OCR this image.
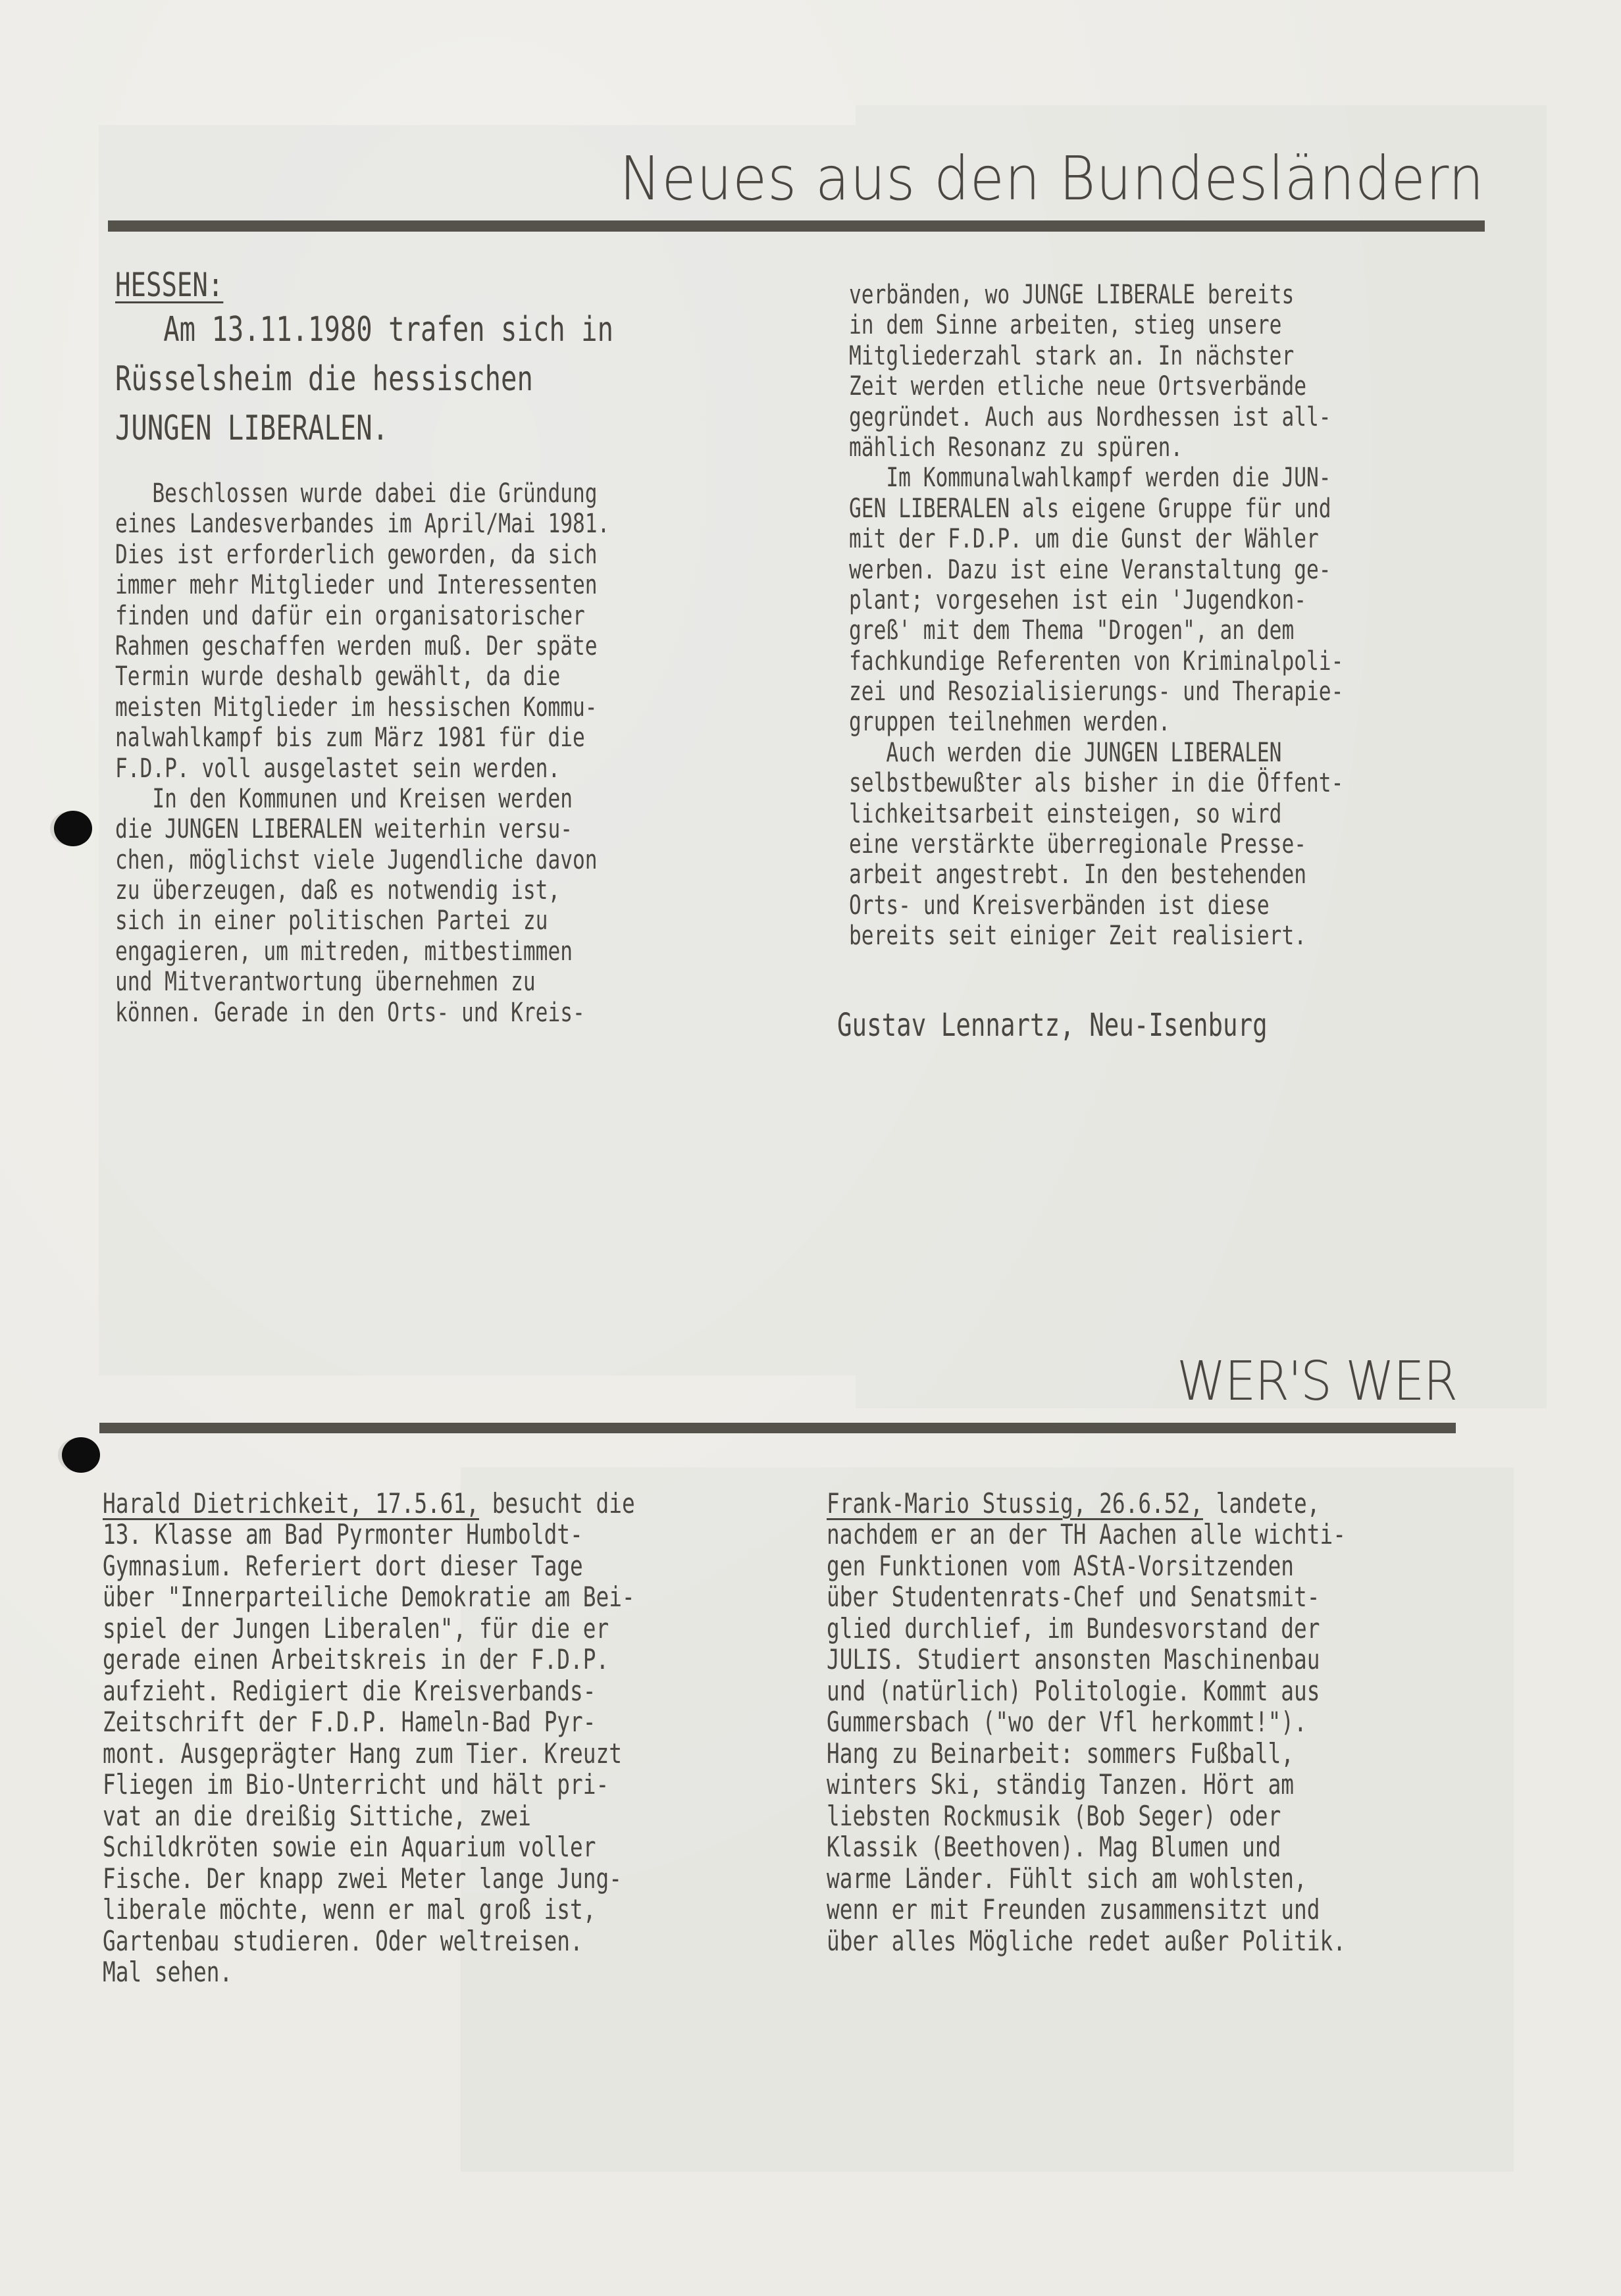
Neues aus den Bundesländern
HESSEN:
Am 13.11.1980 trafen sich in
Rüsselsheim die hessischen
JUNGEN LIBERALEN.
Beschlossen wurde dabei die Gründung
eines Landesverbandes im April/Mai 1981.
Dies ist erforderlich geworden, da sich
immer mehr Mitglieder und Interessenten
finden und dafür ein organisatorischer
Rahmen geschaffen werden muß. Der späte
Termin wurde deshalb gewählt, da die
meisten Mitglieder im hessischen Kommu-
nalwahlkampf bis zum März 1981 für die
F.D.P. voll ausgelastet sein werden.
In den Kommunen und Kreisen werden
die JUNGEN LIBERALEN weiterhin versu-
chen, möglichst viele Jugendliche davon
zu überzeugen, daß es notwendig ist,
sich in einer politischen Partei zu
engagieren, um mitreden, mitbestimmen
und Mitverantwortung übernehmen zu
können. Gerade in den Orts- und Kreis-
verbänden, wo JUNGE LIBERALE bereits
in dem Sinne arbeiten, stieg unsere
Mitgliederzahl stark an. In nächster
Zeit werden etliche neue Ortsverbände
gegründet. Auch aus Nordhessen ist all-
mählich Resonanz zu spüren.
Im Kommunalwahlkampf werden die JUN-
GEN LIBERALEN als eigene Gruppe für und
mit der F.D.P. um die Gunst der Wähler
werben. Dazu ist eine Veranstaltung ge-
plant; vorgesehen ist ein 'Jugendkon-
greß' mit dem Thema "Drogen", an dem
fachkundige Referenten von Kriminalpoli-
zei und Resozialisierungs- und Therapie-
gruppen teilnehmen werden.
Auch werden die JUNGEN LIBERALEN
selbstbewußter als bisher in die Öffent-
lichkeitsarbeit einsteigen, so wird
eine verstärkte überregionale Presse-
arbeit angestrebt. In den bestehenden
Orts- und Kreisverbänden ist diese
bereits seit einiger Zeit realisiert.
Gustav Lennartz, Neu-Isenburg
WER'S WER
Harald Dietrichkeit, 17.5.61, besucht die
13. Klasse am Bad Pyrmonter Humboldt-
Gymnasium. Referiert dort dieser Tage
über "Innerparteiliche Demokratie am Bei-
spiel der Jungen Liberalen", für die er
gerade einen Arbeitskreis in der F.D.P.
aufzieht. Redigiert die Kreisverbands-
Zeitschrift der F.D.P. Hameln-Bad Pyr-
mont. Ausgeprägter Hang zum Tier. Kreuzt
Fliegen im Bio-Unterricht und hält pri-
vat an die dreißig Sittiche, zwei
Schildkröten sowie ein Aquarium voller
Fische. Der knapp zwei Meter lange Jung-
liberale möchte, wenn er mal groß ist,
Gartenbau studieren. Oder weltreisen.
Mal sehen.
Frank-Mario Stussig, 26.6.52, landete,
nachdem er an der TH Aachen alle wichti-
gen Funktionen vom AStA-Vorsitzenden
über Studentenrats-Chef und Senatsmit-
glied durchlief, im Bundesvorstand der
JULIS. Studiert ansonsten Maschinenbau
und (natürlich) Politologie. Kommt aus
Gummersbach ("wo der Vfl herkommt!").
Hang zu Beinarbeit: sommers Fußball,
winters Ski, ständig Tanzen. Hört am
liebsten Rockmusik (Bob Seger) oder
Klassik (Beethoven). Mag Blumen und
warme Länder. Fühlt sich am wohlsten,
wenn er mit Freunden zusammensitzt und
über alles Mögliche redet außer Politik.
